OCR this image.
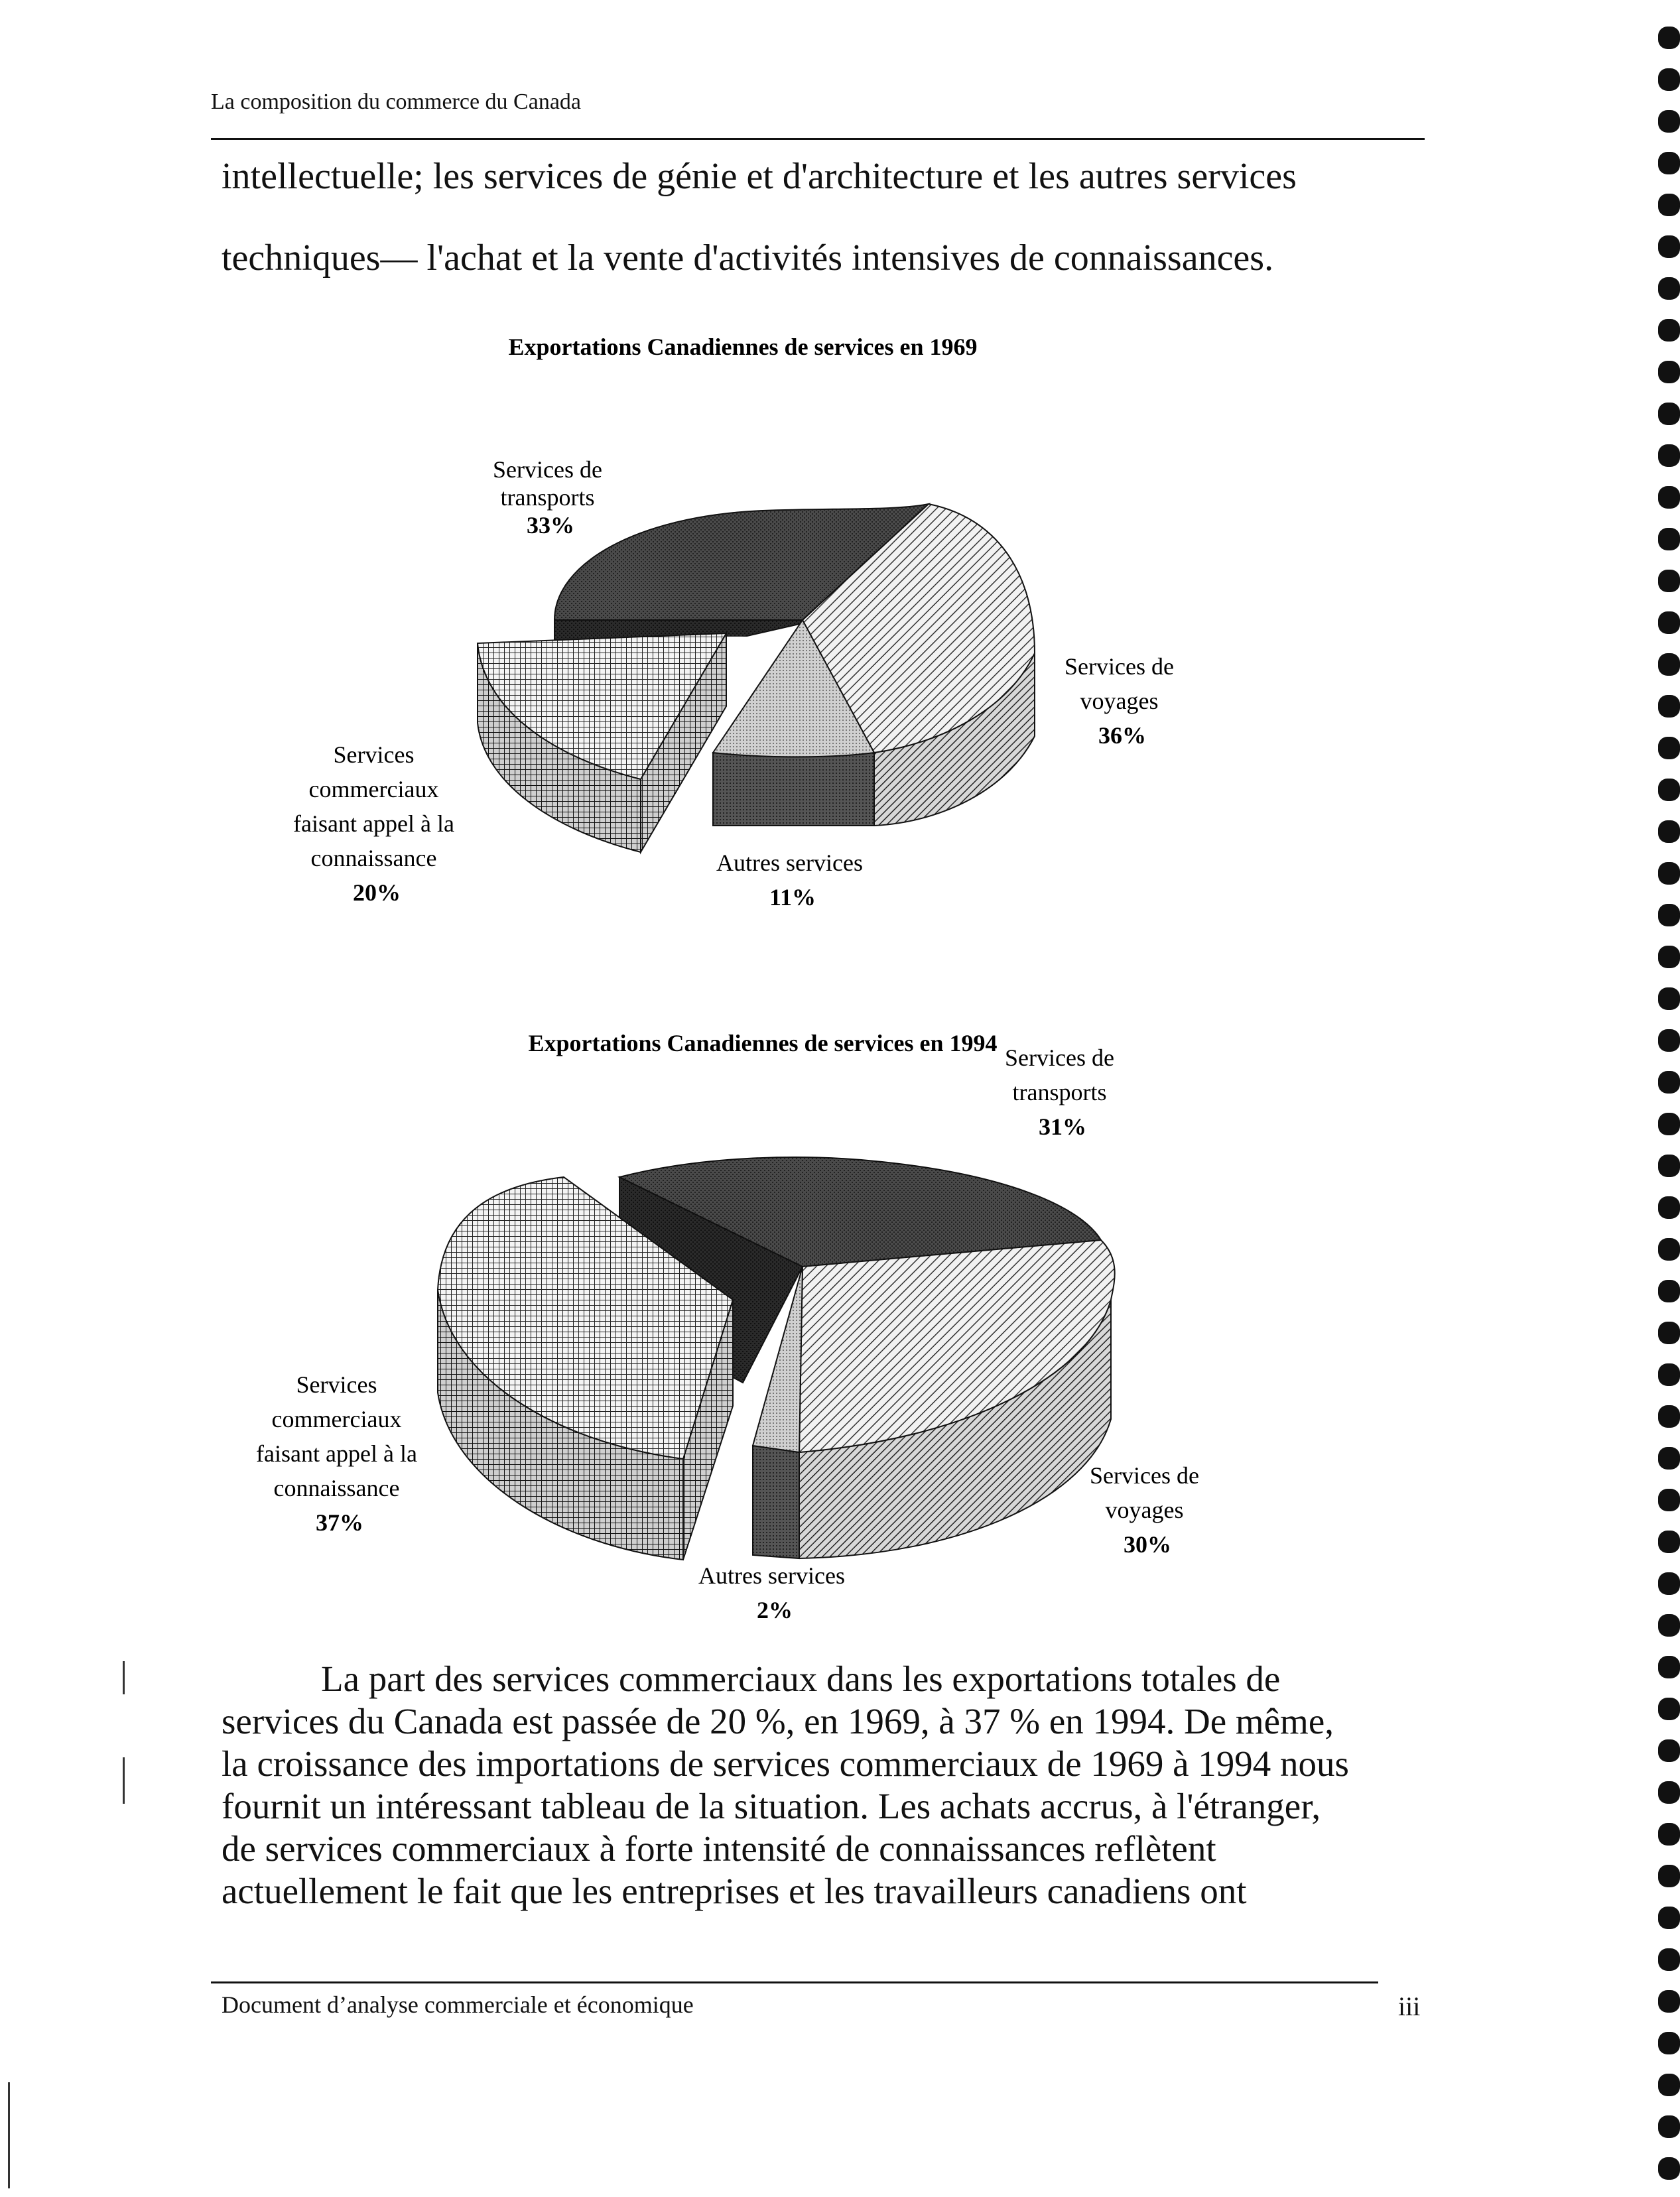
La composition du commerce du Canada

intellectuelle; les services de génie et d'architecture et les autres services

techniques— l'achat et la vente d'activités intensives de connaissances.

Exportations Canadiennes de services en 1969
Services de transports 33%
Services de voyages 36%
Autres services 11%
Services commerciaux faisant appel à la connaissance 20%
Exportations Canadiennes de services en 1994
Services de transports 31%
Services de voyages 30%
Autres services 2%
Services commerciaux faisant appel à la connaissance 37%

La part des services commerciaux dans les exportations totales de

services du Canada est passée de 20 %, en 1969, à 37 % en 1994. De même,

la croissance des importations de services commerciaux de 1969 à 1994 nous

fournit un intéressant tableau de la situation. Les achats accrus, à l'étranger,

de services commerciaux à forte intensité de connaissances reflètent

actuellement le fait que les entreprises et les travailleurs canadiens ont

Document d’analyse commerciale et économique	iii
